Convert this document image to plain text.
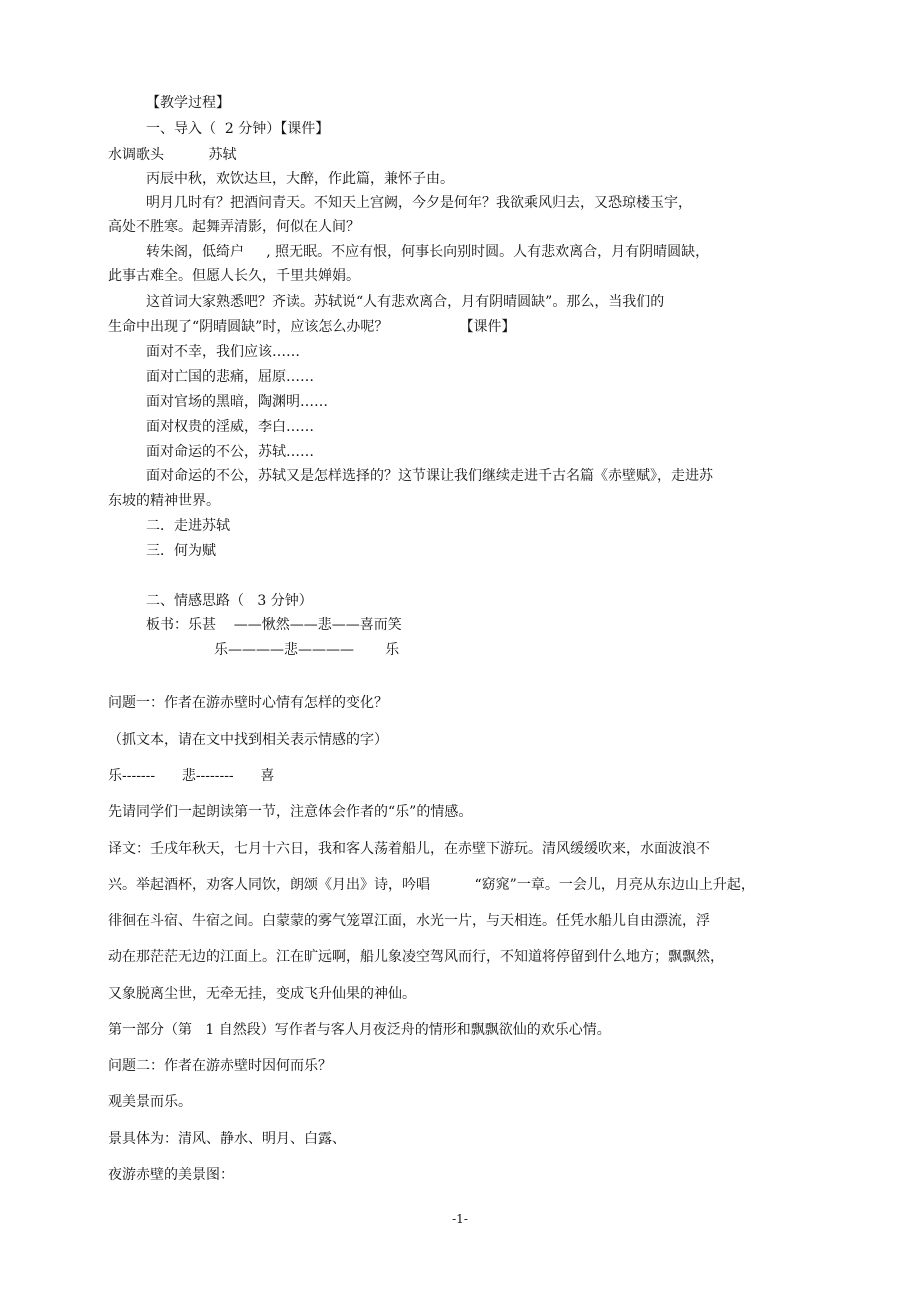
【教学过程】
一、导入（  2 分钟）【课件】
水调歌头          苏轼
丙辰中秋，欢饮达旦，大醉，作此篇，兼怀子由。
明月几时有？把酒问青天。不知天上宫阙，今夕是何年？我欲乘风归去，又恐琼楼玉宇，
高处不胜寒。起舞弄清影，何似在人间？
转朱阁，低绮户     , 照无眠。不应有恨，何事长向别时圆。人有悲欢离合，月有阴晴圆缺，
此事古难全。但愿人长久，千里共婵娟。
这首词大家熟悉吧？齐读。苏轼说“人有悲欢离合，月有阴晴圆缺”。那么，当我们的
生命中出现了“阴晴圆缺”时，应该怎么办呢？                【课件】
面对不幸，我们应该……
面对亡国的悲痛，屈原……
面对官场的黑暗，陶渊明……
面对权贵的淫威，李白……
面对命运的不公，苏轼……
面对命运的不公，苏轼又是怎样选择的？这节课让我们继续走进千古名篇《赤壁赋》，走进苏
东坡的精神世界。
二．走进苏轼
三．何为赋
二、情感思路（   3 分钟）
板书：乐甚    ——愀然——悲——喜而笑
乐————悲————       乐
问题一：作者在游赤壁时心情有怎样的变化？
（抓文本，请在文中找到相关表示情感的字）
乐-------      悲--------      喜
先请同学们一起朗读第一节，注意体会作者的“乐”的情感。
译文：壬戌年秋天，七月十六日，我和客人荡着船儿，在赤壁下游玩。清风缓缓吹来，水面波浪不
兴。举起酒杯，劝客人同饮，朗颂《月出》诗，吟唱          “窈窕”一章。一会儿，月亮从东边山上升起，
徘徊在斗宿、牛宿之间。白蒙蒙的雾气笼罩江面，水光一片，与天相连。任凭水船儿自由漂流，浮
动在那茫茫无边的江面上。江在旷远啊，船儿象凌空驾风而行，不知道将停留到什么地方；飘飘然，
又象脱离尘世，无牵无挂，变成飞升仙果的神仙。
第一部分（第   1 自然段）写作者与客人月夜泛舟的情形和飘飘欲仙的欢乐心情。
问题二：作者在游赤壁时因何而乐？
观美景而乐。
景具体为：清风、静水、明月、白露、
夜游赤壁的美景图：
-1-
